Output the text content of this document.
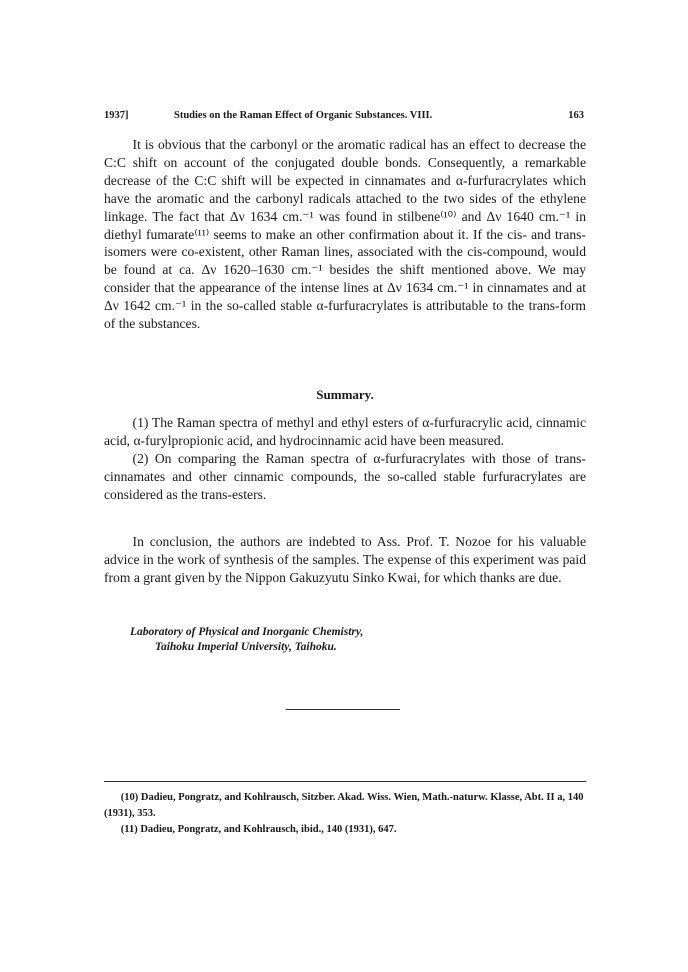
1937]	Studies on the Raman Effect of Organic Substances. VIII.	163

It is obvious that the carbonyl or the aromatic radical has an effect to decrease the C:C shift on account of the conjugated double bonds. Consequently, a remarkable decrease of the C:C shift will be expected in cinnamates and α-furfuracrylates which have the aromatic and the carbonyl radicals attached to the two sides of the ethylene linkage. The fact that Δν 1634 cm.⁻¹ was found in stilbene⁽¹⁰⁾ and Δν 1640 cm.⁻¹ in diethyl fumarate⁽¹¹⁾ seems to make an other confirmation about it. If the cis- and trans-isomers were co-existent, other Raman lines, associated with the cis-compound, would be found at ca. Δν 1620–1630 cm.⁻¹ besides the shift mentioned above. We may consider that the appearance of the intense lines at Δν 1634 cm.⁻¹ in cinnamates and at Δν 1642 cm.⁻¹ in the so-called stable α-furfuracrylates is attributable to the trans-form of the substances.

Summary.

(1) The Raman spectra of methyl and ethyl esters of α-furfuracrylic acid, cinnamic acid, α-furylpropionic acid, and hydrocinnamic acid have been measured.

(2) On comparing the Raman spectra of α-furfuracrylates with those of trans-cinnamates and other cinnamic compounds, the so-called stable furfuracrylates are considered as the trans-esters.

In conclusion, the authors are indebted to Ass. Prof. T. Nozoe for his valuable advice in the work of synthesis of the samples. The expense of this experiment was paid from a grant given by the Nippon Gakuzyutu Sinko Kwai, for which thanks are due.

Laboratory of Physical and Inorganic Chemistry,
Taihoku Imperial University, Taihoku.
(10) Dadieu, Pongratz, and Kohlrausch, Sitzber. Akad. Wiss. Wien, Math.-naturw. Klasse, Abt. II a, 140 (1931), 353.
(11) Dadieu, Pongratz, and Kohlrausch, ibid., 140 (1931), 647.
